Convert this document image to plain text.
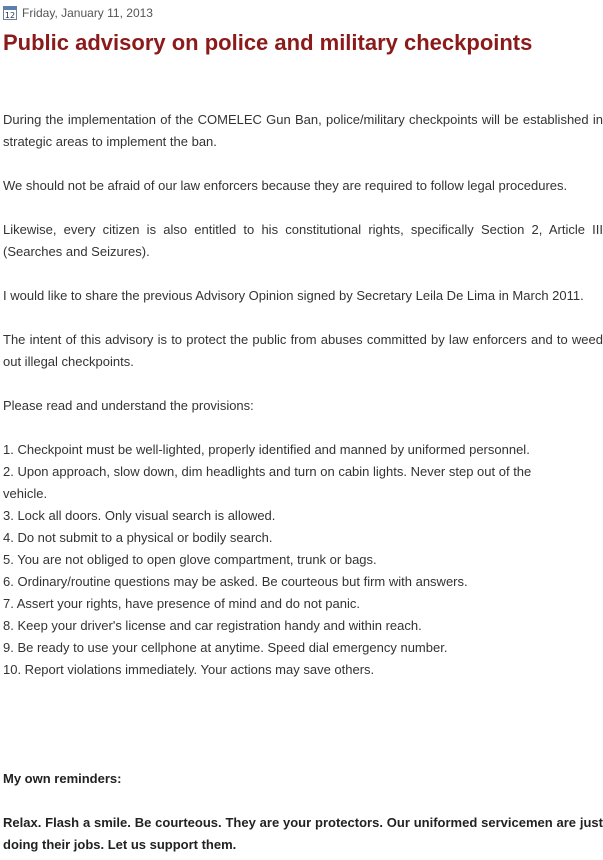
12 Friday, January 11, 2013
Public advisory on police and military checkpoints

During the implementation of the COMELEC Gun Ban, police/military checkpoints will be established in strategic areas to implement the ban.

We should not be afraid of our law enforcers because they are required to follow legal procedures.

Likewise, every citizen is also entitled to his constitutional rights, specifically Section 2, Article III (Searches and Seizures).

I would like to share the previous Advisory Opinion signed by Secretary Leila De Lima in March 2011.

The intent of this advisory is to protect the public from abuses committed by law enforcers and to weed out illegal checkpoints.

Please read and understand the provisions:

1. Checkpoint must be well-lighted, properly identified and manned by uniformed personnel.

2. Upon approach, slow down, dim headlights and turn on cabin lights. Never step out of the

vehicle.

3. Lock all doors. Only visual search is allowed.

4. Do not submit to a physical or bodily search.

5. You are not obliged to open glove compartment, trunk or bags.

6. Ordinary/routine questions may be asked. Be courteous but firm with answers.

7. Assert your rights, have presence of mind and do not panic.

8. Keep your driver's license and car registration handy and within reach.

9. Be ready to use your cellphone at anytime. Speed dial emergency number.

10. Report violations immediately. Your actions may save others.

My own reminders:

Relax. Flash a smile. Be courteous. They are your protectors. Our uniformed servicemen are just doing their jobs. Let us support them.
